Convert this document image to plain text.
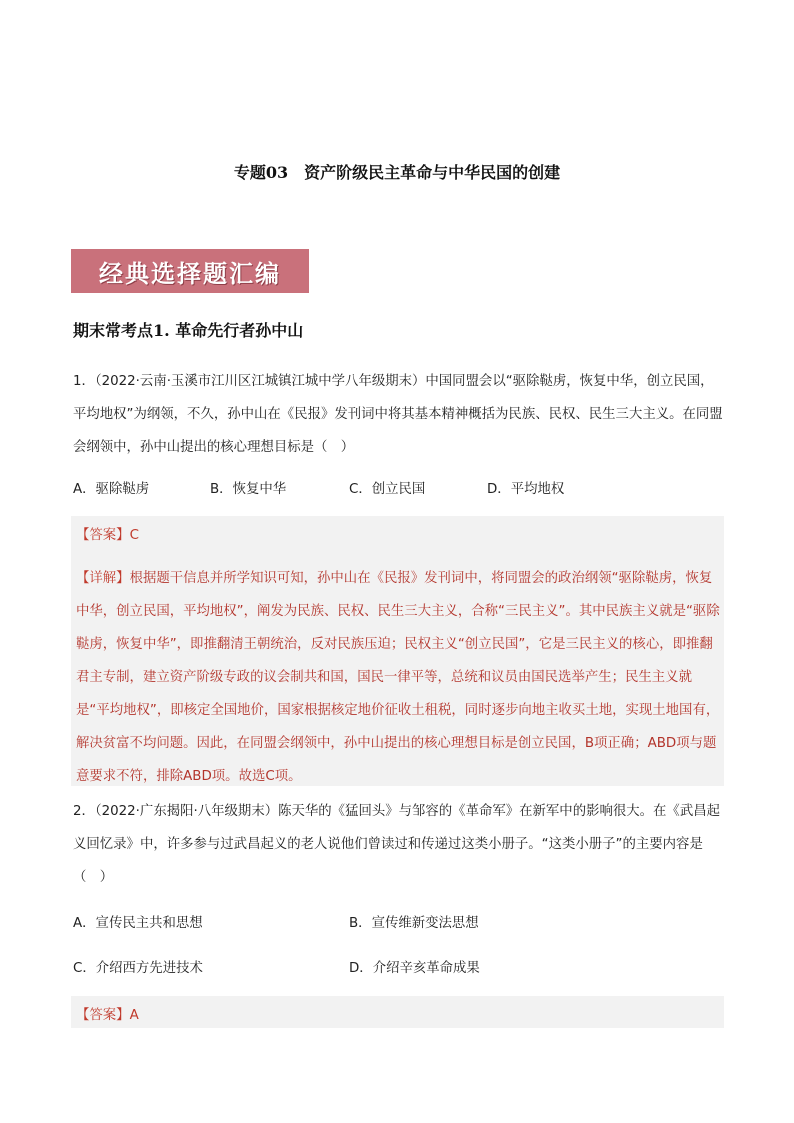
专题03　资产阶级民主革命与中华民国的创建
经典选择题汇编
期末常考点1. 革命先行者孙中山
1．（2022·云南·玉溪市江川区江城镇江城中学八年级期末）中国同盟会以“驱除鞑虏，恢复中华，创立民国，平均地权”为纲领，不久，孙中山在《民报》发刊词中将其基本精神概括为民族、民权、民生三大主义。在同盟会纲领中，孙中山提出的核心理想目标是（　）
A．驱除鞑虏	B．恢复中华	C．创立民国	D．平均地权
【答案】C
【详解】根据题干信息并所学知识可知，孙中山在《民报》发刊词中，将同盟会的政治纲领“驱除鞑虏，恢复中华，创立民国，平均地权”，阐发为民族、民权、民生三大主义，合称“三民主义”。其中民族主义就是“驱除鞑虏，恢复中华”，即推翻清王朝统治，反对民族压迫；民权主义“创立民国”，它是三民主义的核心，即推翻君主专制，建立资产阶级专政的议会制共和国，国民一律平等，总统和议员由国民选举产生；民生主义就是“平均地权”，即核定全国地价，国家根据核定地价征收土租税，同时逐步向地主收买土地，实现土地国有，解决贫富不均问题。因此，在同盟会纲领中，孙中山提出的核心理想目标是创立民国，B项正确；ABD项与题意要求不符，排除ABD项。故选C项。
2．（2022·广东揭阳·八年级期末）陈天华的《猛回头》与邹容的《革命军》在新军中的影响很大。在《武昌起义回忆录》中，许多参与过武昌起义的老人说他们曾读过和传递过这类小册子。“这类小册子”的主要内容是（　）
A．宣传民主共和思想	B．宣传维新变法思想
C．介绍西方先进技术	D．介绍辛亥革命成果
【答案】A
